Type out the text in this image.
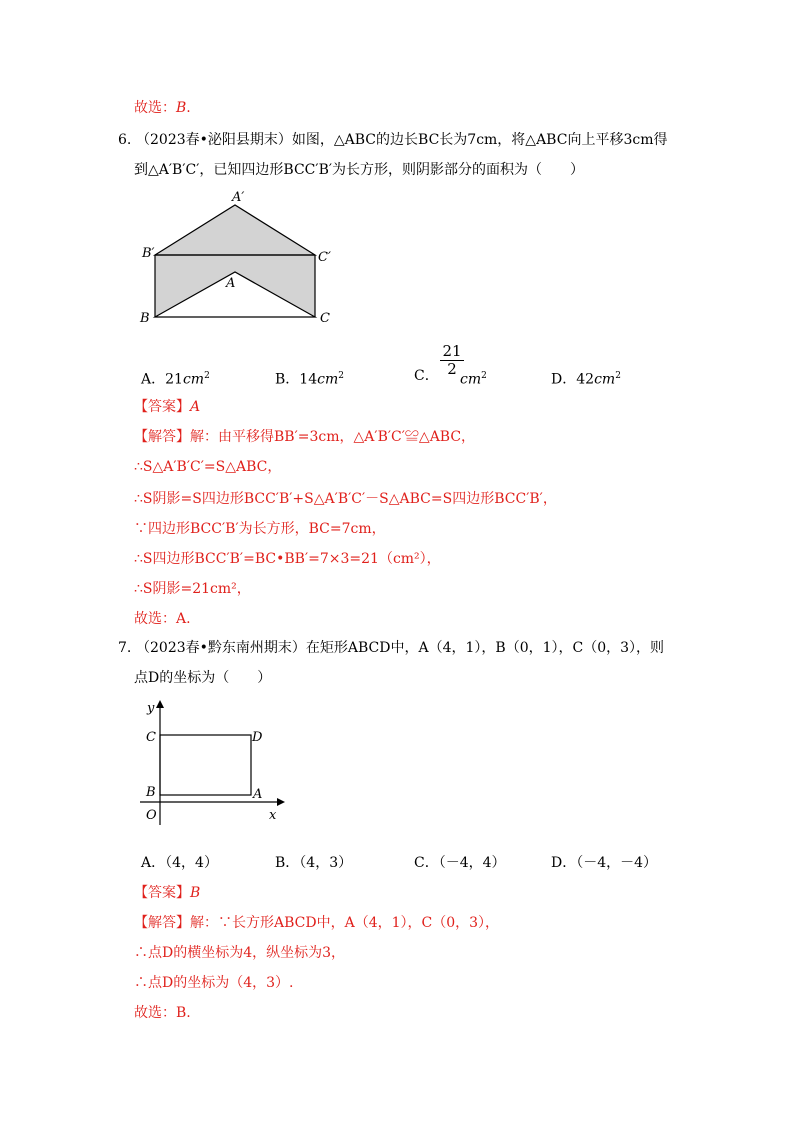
故选：B.
6. （2023春•泌阳县期末）如图，△ABC的边长BC长为7cm，将△ABC向上平移3cm得
到△A′B′C′，已知四边形BCC′B′为长方形，则阴影部分的面积为（　　）
A′
B′	C′
A
B	C
A．$21cm^2$	B．$14cm^2$	C． $\frac{21}{2}$
$cm^2$	D．$42cm^2$
【答案】A
【解答】解：由平移得BB′=3cm，△A′B′C′≌△ABC，
∴S△A′B′C′=S△ABC，
∴S阴影=S四边形BCC′B′+S△A′B′C′－S△ABC=S四边形BCC′B′，
∵四边形BCC′B′为长方形，BC=7cm，
∴S四边形BCC′B′=BC•BB′=7×3=21（cm²），
∴S阴影=21cm²，
故选：A.
7. （2023春•黔东南州期末）在矩形ABCD中，A（4，1），B（0，1），C（0，3），则
点D的坐标为（　　）
y
C	D
B	A
O	x
A．（4，4）	B．（4，3）	C．（－4，4）	D．（－4，－4）
【答案】B
【解答】解：∵长方形ABCD中，A（4，1），C（0，3），
∴点D的横坐标为4，纵坐标为3，
∴点D的坐标为（4，3）.
故选：B.
